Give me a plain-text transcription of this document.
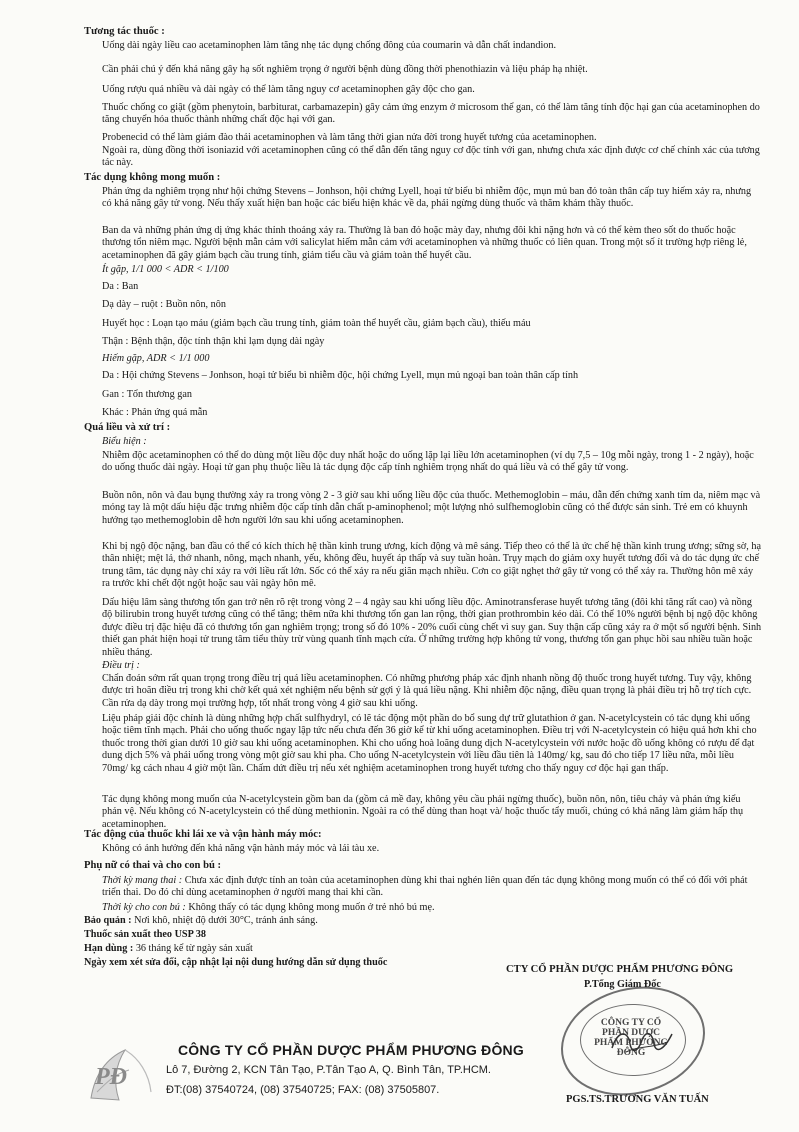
Tương tác thuốc :
Uống dài ngày liều cao acetaminophen làm tăng nhẹ tác dụng chống đông của coumarin và dẫn chất indandion.
Cần phải chú ý đến khả năng gây hạ sốt nghiêm trọng ở người bệnh dùng đồng thời phenothiazin và liệu pháp hạ nhiệt.
Uống rượu quá nhiều và dài ngày có thể làm tăng nguy cơ acetaminophen gây độc cho gan.
Thuốc chống co giật (gồm phenytoin, barbiturat, carbamazepin) gây cảm ứng enzym ở microsom thể gan, có thể làm tăng tính độc hại gan của acetaminophen do tăng chuyển hóa thuốc thành những chất độc hại với gan.
Probenecid có thể làm giảm đào thải acetaminophen và làm tăng thời gian nửa đời trong huyết tương của acetaminophen.
Ngoài ra, dùng đồng thời isoniazid với acetaminophen cũng có thể dẫn đến tăng nguy cơ độc tính với gan, nhưng chưa xác định được cơ chế chính xác của tương tác này.
Tác dụng không mong muốn :
Phản ứng da nghiêm trọng như hội chứng Stevens – Jonhson, hội chứng Lyell, hoại tử biểu bì nhiễm độc, mụn mủ ban đỏ toàn thân cấp tuy hiếm xảy ra, nhưng có khả năng gây tử vong. Nếu thấy xuất hiện ban hoặc các biểu hiện khác về da, phải ngừng dùng thuốc và thăm khám thầy thuốc.
Ban da và những phản ứng dị ứng khác thỉnh thoảng xảy ra. Thường là ban đỏ hoặc mày đay, nhưng đôi khi nặng hơn và có thể kèm theo sốt do thuốc hoặc thương tổn niêm mạc. Người bệnh mẫn cảm với salicylat hiếm mẫn cảm với acetaminophen và những thuốc có liên quan. Trong một số ít trường hợp riêng lẻ, acetaminophen đã gây giảm bạch cầu trung tính, giảm tiểu cầu và giảm toàn thể huyết cầu.
Ít gặp, 1/1 000 < ADR < 1/100
Da : Ban
Dạ dày – ruột : Buồn nôn, nôn
Huyết học : Loạn tạo máu (giảm bạch cầu trung tính, giảm toàn thể huyết cầu, giảm bạch cầu), thiếu máu
Thận : Bệnh thận, độc tính thận khi lạm dụng dài ngày
Hiếm gặp, ADR < 1/1 000
Da : Hội chứng Stevens – Jonhson, hoại tử biểu bì nhiễm độc, hội chứng Lyell, mụn mủ ngoại ban toàn thân cấp tính
Gan : Tổn thương gan
Khác : Phản ứng quá mẫn
Quá liều và xử trí :
Biểu hiện :
Nhiễm độc acetaminophen có thể do dùng một liều độc duy nhất hoặc do uống lặp lại liều lớn acetaminophen (ví dụ 7,5 – 10g mỗi ngày, trong 1 - 2 ngày), hoặc do uống thuốc dài ngày. Hoại tử gan phụ thuộc liều là tác dụng độc cấp tính nghiêm trọng nhất do quá liều và có thể gây tử vong.
Buồn nôn, nôn và đau bụng thường xảy ra trong vòng 2 - 3 giờ sau khi uống liều độc của thuốc. Methemoglobin – máu, dẫn đến chứng xanh tím da, niêm mạc và móng tay là một dấu hiệu đặc trưng nhiễm độc cấp tính dẫn chất p-aminophenol; một lượng nhỏ sulfhemoglobin cũng có thể được sản sinh. Trẻ em có khuynh hướng tạo methemoglobin dễ hơn người lớn sau khi uống acetaminophen.
Khi bị ngộ độc nặng, ban đầu có thể có kích thích hệ thần kinh trung ương, kích động và mê sảng. Tiếp theo có thể là ức chế hệ thần kinh trung ương; sững sờ, hạ thân nhiệt; mệt lả, thở nhanh, nông, mạch nhanh, yếu, không đều, huyết áp thấp và suy tuần hoàn. Trụy mạch do giảm oxy huyết tương đối và do tác dụng ức chế trung tâm, tác dụng này chỉ xảy ra với liều rất lớn. Sốc có thể xảy ra nếu giãn mạch nhiều. Cơn co giật nghẹt thở gây tử vong có thể xảy ra. Thường hôn mê xảy ra trước khi chết đột ngột hoặc sau vài ngày hôn mê.
Dấu hiệu lâm sàng thương tổn gan trở nên rõ rệt trong vòng 2 – 4 ngày sau khi uống liều độc. Aminotransferase huyết tương tăng (đôi khi tăng rất cao) và nồng độ bilirubin trong huyết tương cũng có thể tăng; thêm nữa khi thương tổn gan lan rộng, thời gian prothrombin kéo dài. Có thể 10% người bệnh bị ngộ độc không được điều trị đặc hiệu đã có thương tổn gan nghiêm trọng; trong số đó 10% - 20% cuối cùng chết vì suy gan. Suy thận cấp cũng xảy ra ở một số người bệnh. Sinh thiết gan phát hiện hoại tử trung tâm tiểu thùy trừ vùng quanh tĩnh mạch cửa. Ở những trường hợp không tử vong, thương tổn gan phục hồi sau nhiều tuần hoặc nhiều tháng.
Điều trị :
Chẩn đoán sớm rất quan trọng trong điều trị quá liều acetaminophen. Có những phương pháp xác định nhanh nồng độ thuốc trong huyết tương. Tuy vậy, không được trì hoãn điều trị trong khi chờ kết quả xét nghiệm nếu bệnh sử gợi ý là quá liều nặng. Khi nhiễm độc nặng, điều quan trọng là phải điều trị hỗ trợ tích cực. Cần rửa dạ dày trong mọi trường hợp, tốt nhất trong vòng 4 giờ sau khi uống.
Liệu pháp giải độc chính là dùng những hợp chất sulfhydryl, có lẽ tác động một phần do bổ sung dự trữ glutathion ở gan. N-acetylcystein có tác dụng khi uống hoặc tiêm tĩnh mạch. Phải cho uống thuốc ngay lập tức nếu chưa đến 36 giờ kể từ khi uống acetaminophen. Điều trị với N-acetylcystein có hiệu quả hơn khi cho thuốc trong thời gian dưới 10 giờ sau khi uống acetaminophen. Khi cho uống hoà loãng dung dịch N-acetylcystein với nước hoặc đồ uống không có rượu để đạt dung dịch 5% và phải uống trong vòng một giờ sau khi pha. Cho uống N-acetylcystein với liều đầu tiên là 140mg/ kg, sau đó cho tiếp 17 liều nữa, mỗi liều 70mg/ kg cách nhau 4 giờ một lần. Chấm dứt điều trị nếu xét nghiệm acetaminophen trong huyết tương cho thấy nguy cơ độc hại gan thấp.
Tác dụng không mong muốn của N-acetylcystein gồm ban da (gồm cả mề đay, không yêu cầu phải ngừng thuốc), buồn nôn, nôn, tiêu chảy và phản ứng kiểu phản vệ. Nếu không có N-acetylcystein có thể dùng methionin. Ngoài ra có thể dùng than hoạt và/ hoặc thuốc tẩy muối, chúng có khả năng làm giảm hấp thụ acetaminophen.
Tác động của thuốc khi lái xe và vận hành máy móc:
Không có ảnh hưởng đến khả năng vận hành máy móc và lái tàu xe.
Phụ nữ có thai và cho con bú :
Thời kỳ mang thai : Chưa xác định được tính an toàn của acetaminophen dùng khi thai nghén liên quan đến tác dụng không mong muốn có thể có đối với phát triển thai. Do đó chỉ dùng acetaminophen ở người mang thai khi cần.
Thời kỳ cho con bú : Không thấy có tác dụng không mong muốn ở trẻ nhỏ bú mẹ.
Bảo quản : Nơi khô, nhiệt độ dưới 30°C, tránh ánh sáng.
Thuốc sản xuất theo USP 38
Hạn dùng : 36 tháng kể từ ngày sản xuất
Ngày xem xét sửa đổi, cập nhật lại nội dung hướng dẫn sử dụng thuốc
CTY CỔ PHẦN DƯỢC PHẨM PHƯƠNG ĐÔNG
CÔNG TY CỔ PHẦN DƯỢC PHẨM PHƯƠNG ĐÔNG
P.Tổng Giám Đốc
PGS.TS.TRƯƠNG VĂN TUẤN
PĐ
CÔNG TY CỔ PHẦN DƯỢC PHẨM PHƯƠNG ĐÔNG
Lô 7, Đường 2, KCN Tân Tạo, P.Tân Tạo A, Q. Bình Tân, TP.HCM.
ĐT:(08) 37540724, (08) 37540725; FAX: (08) 37505807.
